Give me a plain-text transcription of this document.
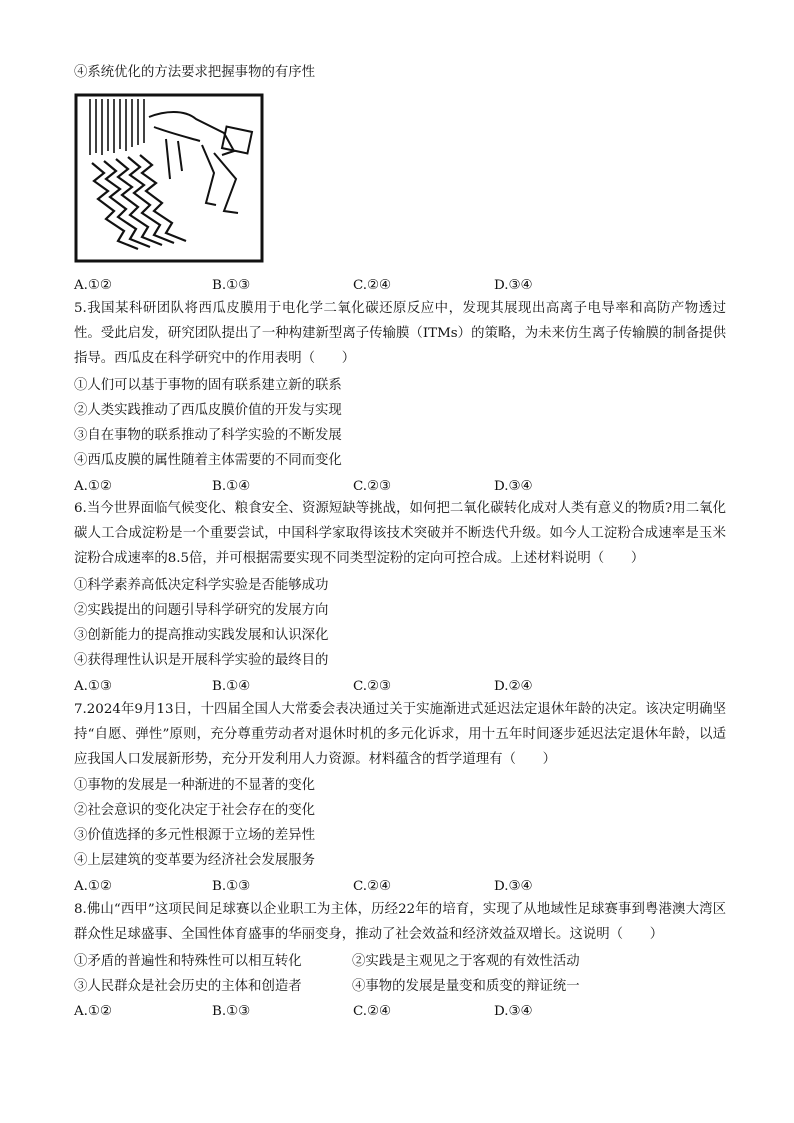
④系统优化的方法要求把握事物的有序性
A.①②	B.①③	C.②④	D.③④
5.我国某科研团队将西瓜皮膜用于电化学二氧化碳还原反应中，发现其展现出高离子电导率和高防产物透过性。受此启发，研究团队提出了一种构建新型离子传输膜（ITMs）的策略，为未来仿生离子传输膜的制备提供指导。西瓜皮在科学研究中的作用表明（　　）
①人们可以基于事物的固有联系建立新的联系
②人类实践推动了西瓜皮膜价值的开发与实现
③自在事物的联系推动了科学实验的不断发展
④西瓜皮膜的属性随着主体需要的不同而变化
A.①②	B.①④	C.②③	D.③④
6.当今世界面临气候变化、粮食安全、资源短缺等挑战，如何把二氧化碳转化成对人类有意义的物质?用二氧化碳人工合成淀粉是一个重要尝试，中国科学家取得该技术突破并不断迭代升级。如今人工淀粉合成速率是玉米淀粉合成速率的8.5倍，并可根据需要实现不同类型淀粉的定向可控合成。上述材料说明（　　）
①科学素养高低决定科学实验是否能够成功
②实践提出的问题引导科学研究的发展方向
③创新能力的提高推动实践发展和认识深化
④获得理性认识是开展科学实验的最终目的
A.①③	B.①④	C.②③	D.②④
7.2024年9月13日，十四届全国人大常委会表决通过关于实施渐进式延迟法定退休年龄的决定。该决定明确坚持“自愿、弹性”原则，充分尊重劳动者对退休时机的多元化诉求，用十五年时间逐步延迟法定退休年龄，以适应我国人口发展新形势，充分开发利用人力资源。材料蕴含的哲学道理有（　　）
①事物的发展是一种渐进的不显著的变化
②社会意识的变化决定于社会存在的变化
③价值选择的多元性根源于立场的差异性
④上层建筑的变革要为经济社会发展服务
A.①②	B.①③	C.②④	D.③④
8.佛山“西甲”这项民间足球赛以企业职工为主体，历经22年的培育，实现了从地域性足球赛事到粤港澳大湾区群众性足球盛事、全国性体育盛事的华丽变身，推动了社会效益和经济效益双增长。这说明（　　）
①矛盾的普遍性和特殊性可以相互转化	②实践是主观见之于客观的有效性活动
③人民群众是社会历史的主体和创造者	④事物的发展是量变和质变的辩证统一
A.①②	B.①③	C.②④	D.③④
